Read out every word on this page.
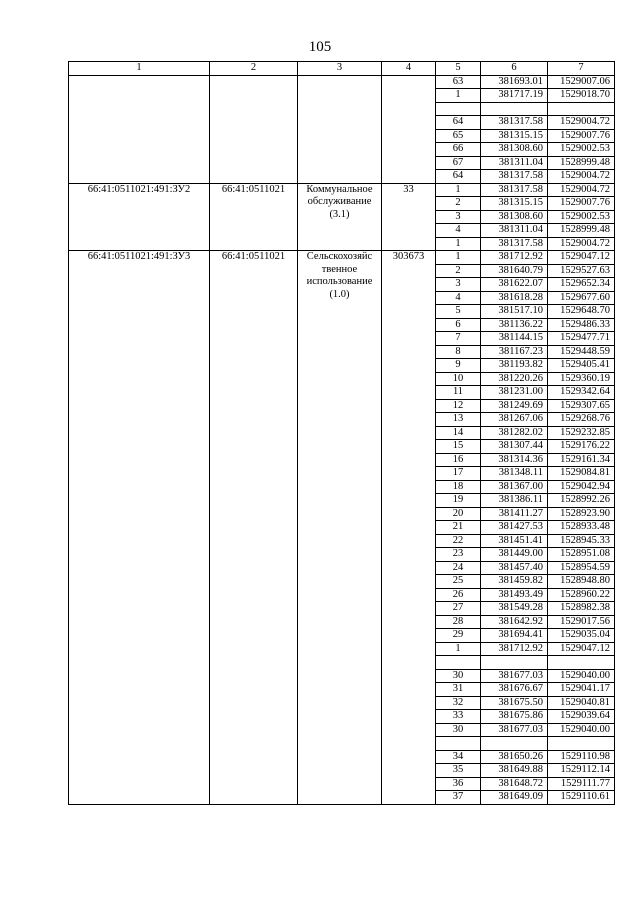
105
1	2	3	4	5	6	7
				63	381693.01	1529007.06
				1	381717.19	1529018.70

				64	381317.58	1529004.72
				65	381315.15	1529007.76
				66	381308.60	1529002.53
				67	381311.04	1528999.48
				64	381317.58	1529004.72
66:41:0511021:491:ЗУ2	66:41:0511021	Коммунальное обслуживание (3.1)	33	1	381317.58	1529004.72
				2	381315.15	1529007.76
				3	381308.60	1529002.53
				4	381311.04	1528999.48
				1	381317.58	1529004.72
66:41:0511021:491:ЗУ3	66:41:0511021	Сельскохозяйс твенное использование (1.0)	303673	1	381712.92	1529047.12
				2	381640.79	1529527.63
				3	381622.07	1529652.34
				4	381618.28	1529677.60
				5	381517.10	1529648.70
				6	381136.22	1529486.33
				7	381144.15	1529477.71
				8	381167.23	1529448.59
				9	381193.82	1529405.41
				10	381220.26	1529360.19
				11	381231.00	1529342.64
				12	381249.69	1529307.65
				13	381267.06	1529268.76
				14	381282.02	1529232.85
				15	381307.44	1529176.22
				16	381314.36	1529161.34
				17	381348.11	1529084.81
				18	381367.00	1529042.94
				19	381386.11	1528992.26
				20	381411.27	1528923.90
				21	381427.53	1528933.48
				22	381451.41	1528945.33
				23	381449.00	1528951.08
				24	381457.40	1528954.59
				25	381459.82	1528948.80
				26	381493.49	1528960.22
				27	381549.28	1528982.38
				28	381642.92	1529017.56
				29	381694.41	1529035.04
				1	381712.92	1529047.12

				30	381677.03	1529040.00
				31	381676.67	1529041.17
				32	381675.50	1529040.81
				33	381675.86	1529039.64
				30	381677.03	1529040.00

				34	381650.26	1529110.98
				35	381649.88	1529112.14
				36	381648.72	1529111.77
				37	381649.09	1529110.61
